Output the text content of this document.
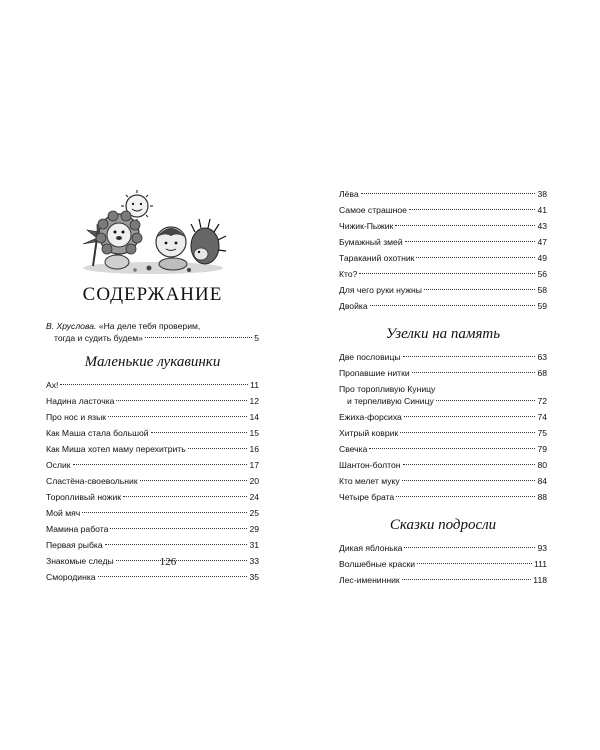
СОДЕРЖАНИЕ
В. Хруслова. «На деле тебя проверим,
тогда и судить будем»	5
Маленькие лукавинки
Ах!	11
Надина ласточка	12
Про нос и язык	14
Как Маша стала большой	15
Как Миша хотел маму перехитрить	16
Ослик	17
Сластёна-своевольник	20
Торопливый ножик	24
Мой мяч	25
Мамина работа	29
Первая рыбка	31
Знакомые следы	33
Смородинка	35
126
Лёва	38
Самое страшное	41
Чижик-Пыжик	43
Бумажный змей	47
Тараканий охотник	49
Кто?	56
Для чего руки нужны	58
Двойка	59
Узелки на память
Две пословицы	63
Пропавшие нитки	68
Про торопливую Куницу
и терпеливую Синицу	72
Ежиха-форсиха	74
Хитрый коврик	75
Свечка	79
Шантон-болтон	80
Кто мелет муку	84
Четыре брата	88
Сказки подросли
Дикая яблонька	93
Волшебные краски	111
Лес-именинник	118
